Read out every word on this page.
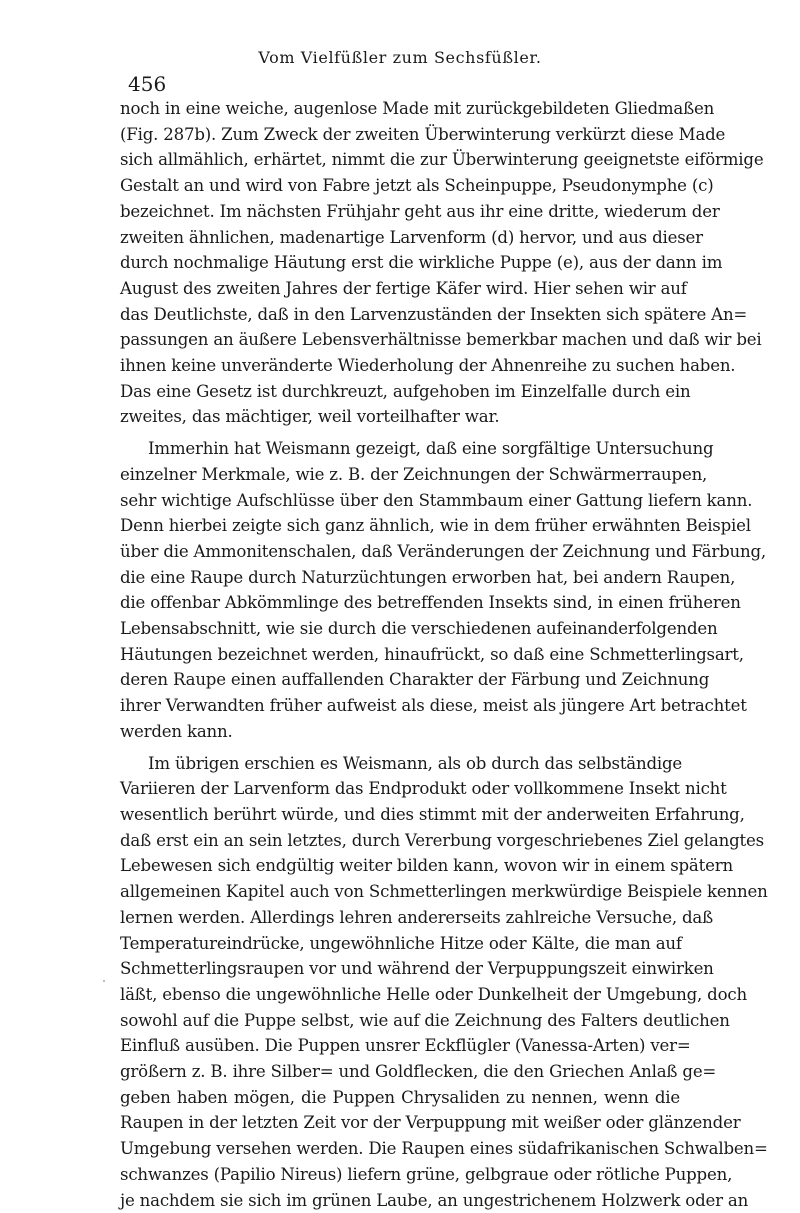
Vom Vielfüßler zum Sechsfüßler.
456
noch in eine weiche, augenlose Made mit zurückgebildeten Gliedmaßen
(Fig. 287b). Zum Zweck der zweiten Überwinterung verkürzt diese Made
sich allmählich, erhärtet, nimmt die zur Überwinterung geeignetste eiförmige
Gestalt an und wird von Fabre jetzt als Scheinpuppe, Pseudonymphe (c)
bezeichnet. Im nächsten Frühjahr geht aus ihr eine dritte, wiederum der
zweiten ähnlichen, madenartige Larvenform (d) hervor, und aus dieser
durch nochmalige Häutung erst die wirkliche Puppe (e), aus der dann im
August des zweiten Jahres der fertige Käfer wird. Hier sehen wir auf
das Deutlichste, daß in den Larvenzuständen der Insekten sich spätere An=
passungen an äußere Lebensverhältnisse bemerkbar machen und daß wir bei
ihnen keine unveränderte Wiederholung der Ahnenreihe zu suchen haben.
Das eine Gesetz ist durchkreuzt, aufgehoben im Einzelfalle durch ein
zweites, das mächtiger, weil vorteilhafter war.
Immerhin hat Weismann gezeigt, daß eine sorgfältige Untersuchung
einzelner Merkmale, wie z. B. der Zeichnungen der Schwärmerraupen,
sehr wichtige Aufschlüsse über den Stammbaum einer Gattung liefern kann.
Denn hierbei zeigte sich ganz ähnlich, wie in dem früher erwähnten Beispiel
über die Ammonitenschalen, daß Veränderungen der Zeichnung und Färbung,
die eine Raupe durch Naturzüchtungen erworben hat, bei andern Raupen,
die offenbar Abkömmlinge des betreffenden Insekts sind, in einen früheren
Lebensabschnitt, wie sie durch die verschiedenen aufeinanderfolgenden
Häutungen bezeichnet werden, hinaufrückt, so daß eine Schmetterlingsart,
deren Raupe einen auffallenden Charakter der Färbung und Zeichnung
ihrer Verwandten früher aufweist als diese, meist als jüngere Art betrachtet
werden kann.
Im übrigen erschien es Weismann, als ob durch das selbständige
Variieren der Larvenform das Endprodukt oder vollkommene Insekt nicht
wesentlich berührt würde, und dies stimmt mit der anderweiten Erfahrung,
daß erst ein an sein letztes, durch Vererbung vorgeschriebenes Ziel gelangtes
Lebewesen sich endgültig weiter bilden kann, wovon wir in einem spätern
allgemeinen Kapitel auch von Schmetterlingen merkwürdige Beispiele kennen
lernen werden. Allerdings lehren andererseits zahlreiche Versuche, daß
Temperatureindrücke, ungewöhnliche Hitze oder Kälte, die man auf
Schmetterlingsraupen vor und während der Verpuppungszeit einwirken
läßt, ebenso die ungewöhnliche Helle oder Dunkelheit der Umgebung, doch
sowohl auf die Puppe selbst, wie auf die Zeichnung des Falters deutlichen
Einfluß ausüben. Die Puppen unsrer Eckflügler (Vanessa-Arten) ver=
größern z. B. ihre Silber= und Goldflecken, die den Griechen Anlaß ge=
geben haben mögen, die Puppen Chrysaliden zu nennen, wenn die
Raupen in der letzten Zeit vor der Verpuppung mit weißer oder glänzender
Umgebung versehen werden. Die Raupen eines südafrikanischen Schwalben=
schwanzes (Papilio Nireus) liefern grüne, gelbgraue oder rötliche Puppen,
je nachdem sie sich im grünen Laube, an ungestrichenem Holzwerk oder an
